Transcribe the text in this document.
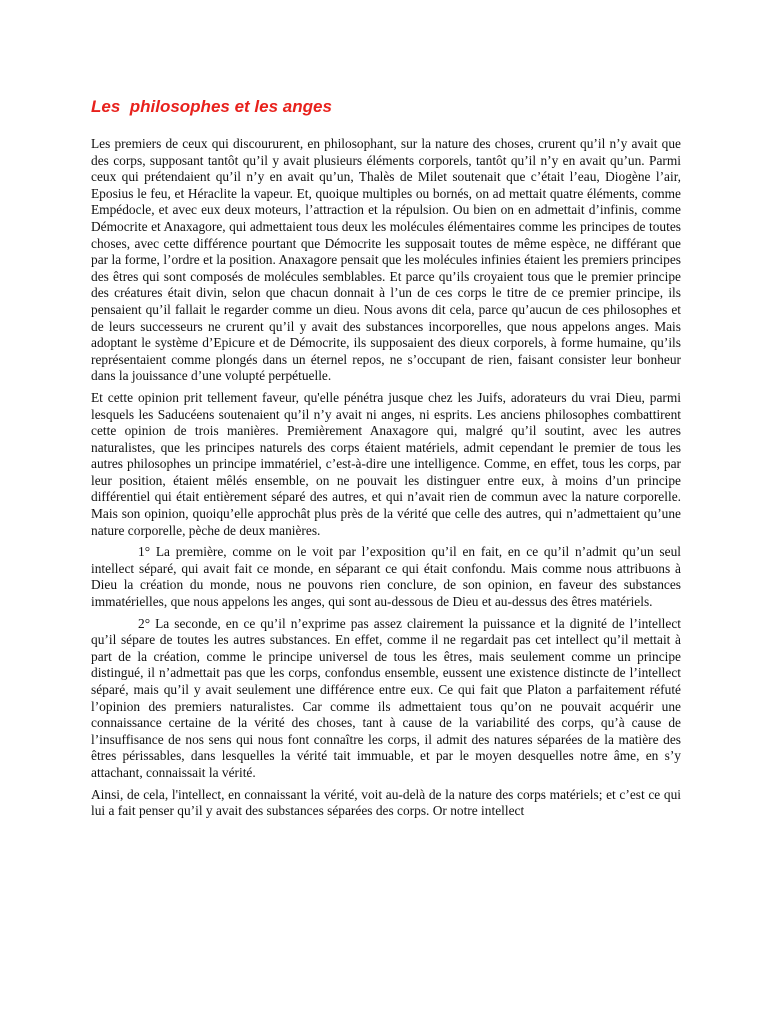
Les  philosophes et les anges

Les premiers de ceux qui discoururent, en philosophant, sur la nature des choses, crurent qu’il n’y avait que des corps, supposant tantôt qu’il y avait plusieurs éléments corporels, tantôt qu’il n’y en avait qu’un. Parmi ceux qui prétendaient qu’il n’y en avait qu’un, Thalès de Milet soutenait que c’était l’eau, Diogène l’air, Eposius le feu, et Héraclite la vapeur. Et, quoique multiples ou bornés, on ad mettait quatre éléments, comme Empédocle, et avec eux deux moteurs, l’attraction et la répulsion. Ou bien on en admettait d’infinis, comme Démocrite et Anaxagore, qui admettaient tous deux les molécules élémentaires comme les principes de toutes choses, avec cette différence pourtant que Démocrite les supposait toutes de même espèce, ne différant que par la forme, l’ordre et la position. Anaxagore pensait que les molécules infinies étaient les premiers principes des êtres qui sont composés de molécules semblables. Et parce qu’ils croyaient tous que le premier principe des créatures était divin, selon que chacun donnait à l’un de ces corps le titre de ce premier principe, ils pensaient qu’il fallait le regarder comme un dieu. Nous avons dit cela, parce qu’aucun de ces philosophes et de leurs successeurs ne crurent qu’il y avait des substances incorporelles, que nous appelons anges. Mais adoptant le système d’Epicure et de Démocrite, ils supposaient des dieux corporels, à forme humaine, qu’ils représentaient comme plongés dans un éternel repos, ne s’occupant de rien, faisant consister leur bonheur dans la jouissance d’une volupté perpétuelle.

Et cette opinion prit tellement faveur, qu'elle pénétra jusque chez les Juifs, adorateurs du vrai Dieu, parmi lesquels les Saducéens soutenaient qu’il n’y avait ni anges, ni esprits. Les anciens philosophes combattirent cette opinion de trois manières. Premièrement Anaxagore qui, malgré qu’il soutint, avec les autres naturalistes, que les principes naturels des corps étaient matériels, admit cependant le premier de tous les autres philosophes un principe immatériel, c’est-à-dire une intelligence. Comme, en effet, tous les corps, par leur position, étaient mêlés ensemble, on ne pouvait les distinguer entre eux, à moins d’un principe différentiel qui était entièrement séparé des autres, et qui n’avait rien de commun avec la nature corporelle. Mais son opinion, quoiqu’elle approchât plus près de la vérité que celle des autres, qui n’admettaient qu’une nature corporelle, pèche de deux manières.

1° La première, comme on le voit par l’exposition qu’il en fait, en ce qu’il n’admit qu’un seul intellect séparé, qui avait fait ce monde, en séparant ce qui était confondu. Mais comme nous attribuons à Dieu la création du monde, nous ne pouvons rien conclure, de son opinion, en faveur des substances immatérielles, que nous appelons les anges, qui sont au-dessous de Dieu et au-dessus des êtres matériels.

2° La seconde, en ce qu’il n’exprime pas assez clairement la puissance et la dignité de l’intellect qu’il sépare de toutes les autres substances. En effet, comme il ne regardait pas cet intellect qu’il mettait à part de la création, comme le principe universel de tous les êtres, mais seulement comme un principe distingué, il n’admettait pas que les corps, confondus ensemble, eussent une existence distincte de l’intellect séparé, mais qu’il y avait seulement une différence entre eux. Ce qui fait que Platon a parfaitement réfuté l’opinion des premiers naturalistes. Car comme ils admettaient tous qu’on ne pouvait acquérir une connaissance certaine de la vérité des choses, tant à cause de la variabilité des corps, qu’à cause de l’insuffisance de nos sens qui nous font connaître les corps, il admit des natures séparées de la matière des êtres périssables, dans lesquelles la vérité tait immuable, et par le moyen desquelles notre âme, en s’y attachant, connaissait la vérité.

Ainsi, de cela, l'intellect, en connaissant la vérité, voit au-delà de la nature des corps matériels; et c’est ce qui lui a fait penser qu’il y avait des substances séparées des corps. Or notre intellect
